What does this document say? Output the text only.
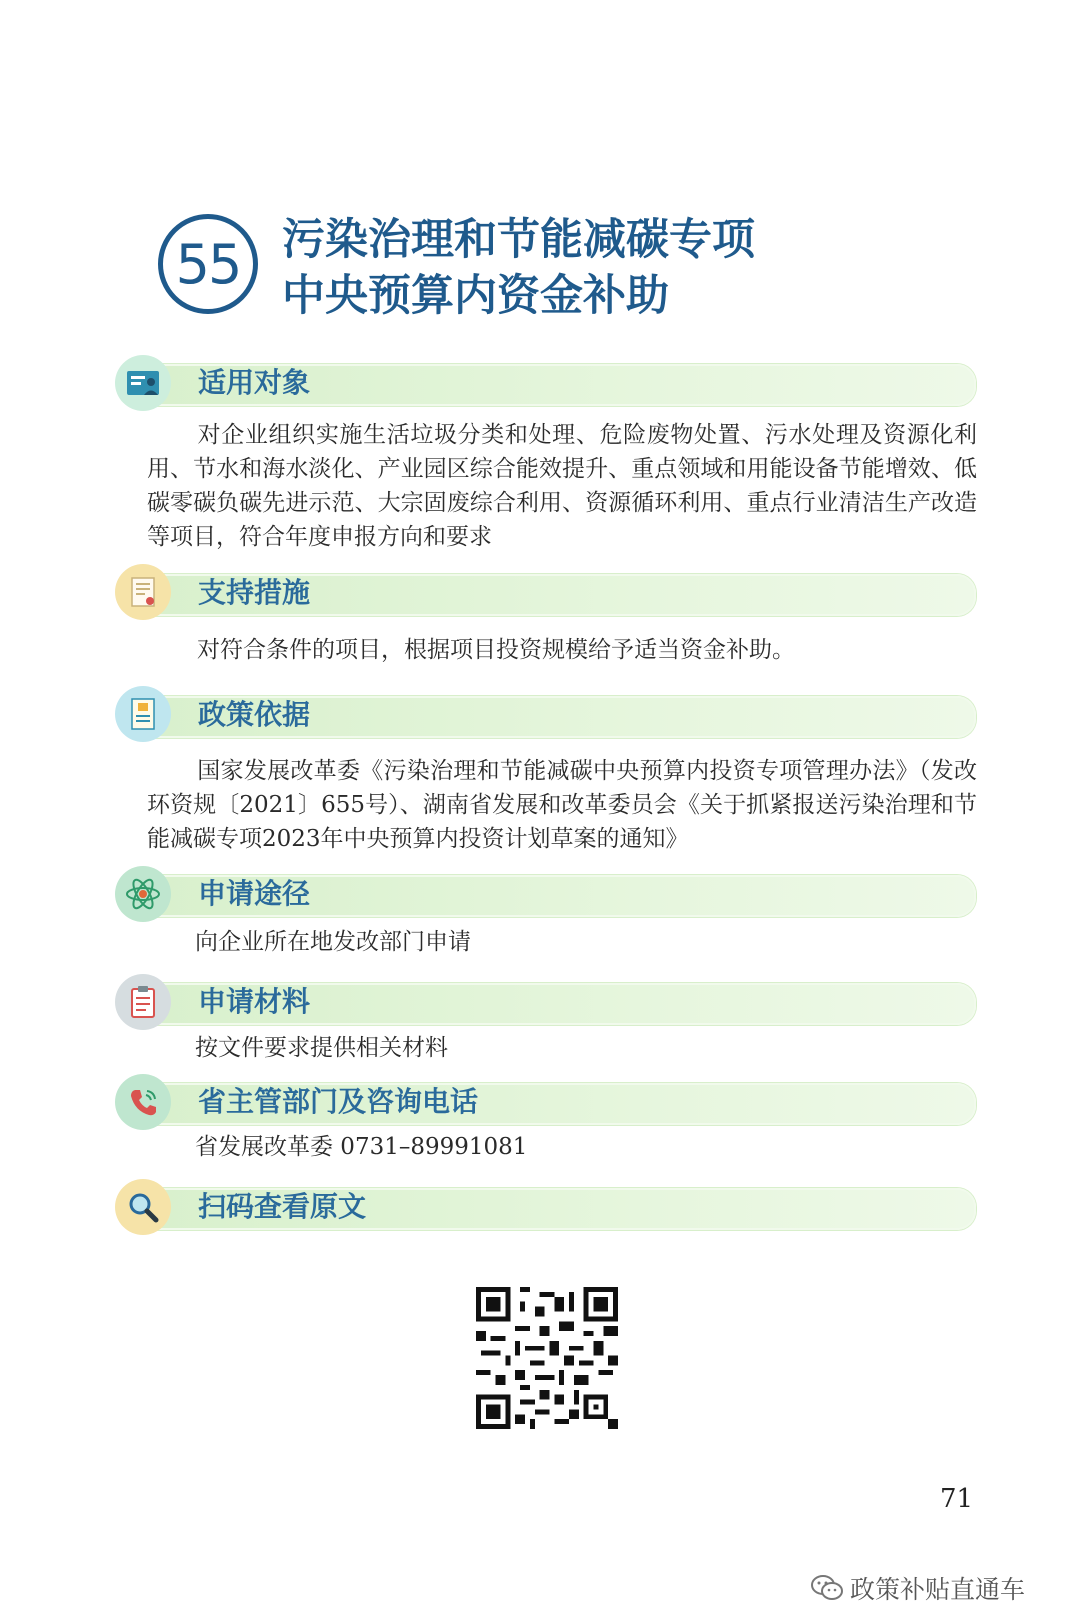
55 污染治理和节能减碳专项
中央预算内资金补助
适用对象
对企业组织实施生活垃圾分类和处理、危险废物处置、污水处理及资源化利用、节水和海水淡化、产业园区综合能效提升、重点领域和用能设备节能增效、低碳零碳负碳先进示范、大宗固废综合利用、资源循环利用、重点行业清洁生产改造等项目，符合年度申报方向和要求
支持措施
对符合条件的项目，根据项目投资规模给予适当资金补助。
政策依据
国家发展改革委《污染治理和节能减碳中央预算内投资专项管理办法》（发改环资规〔2021〕655号）、湖南省发展和改革委员会《关于抓紧报送污染治理和节能减碳专项2023年中央预算内投资计划草案的通知》
申请途径
向企业所在地发改部门申请
申请材料
按文件要求提供相关材料
省主管部门及咨询电话
省发展改革委 0731–89991081
扫码查看原文
71
政策补贴直通车
